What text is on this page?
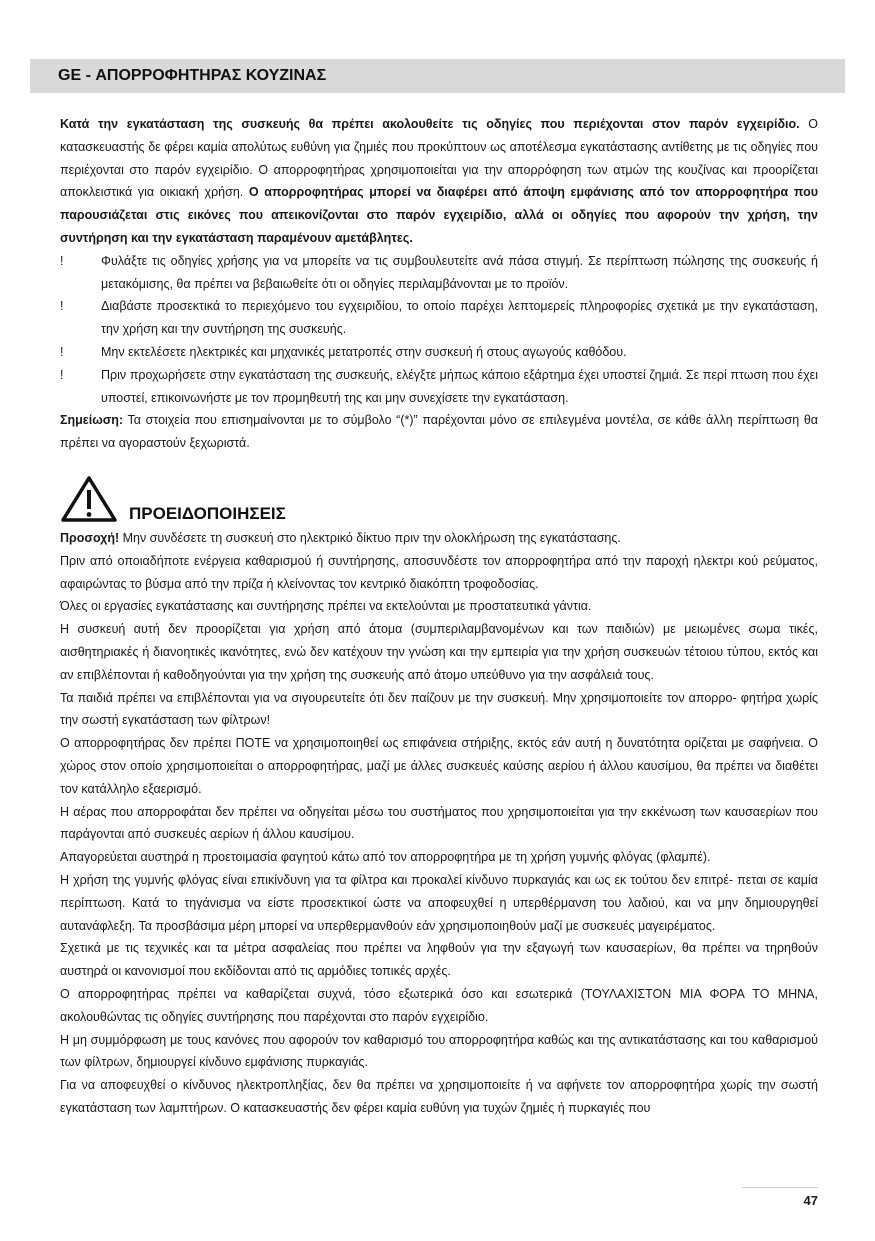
GE - ΑΠΟΡΡΟΦΗΤΗΡΑΣ ΚΟΥΖΙΝΑΣ

Κατά την εγκατάσταση της συσκευής θα πρέπει ακολουθείτε τις οδηγίες που περιέχονται στον παρόν εγχειρίδιο. Ο κατασκευαστής δε φέρει καμία απολύτως ευθύνη για ζημιές που προκύπτουν ως αποτέλεσμα εγκατάστασης αντίθετης με τις οδηγίες που περιέχονται στο παρόν εγχειρίδιο. Ο απορροφητήρας χρησιμοποιείται για την απορρόφηση των ατμών της κουζίνας και προορίζεται αποκλειστικά για οικιακή χρήση. Ο απορροφητήρας μπορεί να διαφέρει από άποψη εμφάνισης από τον απορροφητήρα που παρουσιάζεται στις εικόνες που απεικονίζονται στο παρόν εγχειρίδιο, αλλά οι οδηγίες που αφορούν την χρήση, την συντήρηση και την εγκατάσταση παραμένουν αμετάβλητες.

!	Φυλάξτε τις οδηγίες χρήσης για να μπορείτε να τις συμβουλευτείτε ανά πάσα στιγμή. Σε περίπτωση πώλησης της συσκευής ή μετακόμισης, θα πρέπει να βεβαιωθείτε ότι οι οδηγίες περιλαμβάνονται με το προϊόν.
!	Διαβάστε προσεκτικά το περιεχόμενο του εγχειριδίου, το οποίο παρέχει λεπτομερείς πληροφορίες σχετικά με την εγκατάσταση, την χρήση και την συντήρηση της συσκευής.
!	Μην εκτελέσετε ηλεκτρικές και μηχανικές μετατροπές στην συσκευή ή στους αγωγούς καθόδου.
!	Πριν προχωρήσετε στην εγκατάσταση της συσκευής, ελέγξτε μήπως κάποιο εξάρτημα έχει υποστεί ζημιά. Σε περί πτωση που έχει υποστεί, επικοινωνήστε με τον προμηθευτή της και μην συνεχίσετε την εγκατάσταση.

Σημείωση: Τα στοιχεία που επισημαίνονται με το σύμβολο “(*)” παρέχονται μόνο σε επιλεγμένα μοντέλα, σε κάθε άλλη περίπτωση θα πρέπει να αγοραστούν ξεχωριστά.

ΠΡΟΕΙΔΟΠΟΙΗΣΕΙΣ

Προσοχή! Μην συνδέσετε τη συσκευή στο ηλεκτρικό δίκτυο πριν την ολοκλήρωση της εγκατάστασης.

Πριν από οποιαδήποτε ενέργεια καθαρισμού ή συντήρησης, αποσυνδέστε τον απορροφητήρα από την παροχή ηλεκτρι κού ρεύματος, αφαιρώντας το βύσμα από την πρίζα ή κλείνοντας τον κεντρικό διακόπτη τροφοδοσίας.

Όλες οι εργασίες εγκατάστασης και συντήρησης πρέπει να εκτελούνται με προστατευτικά γάντια.

Η συσκευή αυτή δεν προορίζεται για χρήση από άτομα (συμπεριλαμβανομένων και των παιδιών) με μειωμένες σωμα τικές, αισθητηριακές ή διανοητικές ικανότητες, ενώ δεν κατέχουν την γνώση και την εμπειρία για την χρήση συσκευών τέτοιου τύπου, εκτός και αν επιβλέπονται ή καθοδηγούνται για την χρήση της συσκευής από άτομο υπεύθυνο για την ασφάλειά τους.

Τα παιδιά πρέπει να επιβλέπονται για να σιγουρευτείτε ότι δεν παίζουν με την συσκευή. Μην χρησιμοποιείτε τον απορρο- φητήρα χωρίς την σωστή εγκατάσταση των φίλτρων!

Ο απορροφητήρας δεν πρέπει ΠΟΤΕ να χρησιμοποιηθεί ως επιφάνεια στήριξης, εκτός εάν αυτή η δυνατότητα ορίζεται με σαφήνεια. Ο χώρος στον οποίο χρησιμοποιείται ο απορροφητήρας, μαζί με άλλες συσκευές καύσης αερίου ή άλλου καυσίμου, θα πρέπει να διαθέτει τον κατάλληλο εξαερισμό.

Η αέρας που απορροφάται δεν πρέπει να οδηγείται μέσω του συστήματος που χρησιμοποιείται για την εκκένωση των καυσαερίων που παράγονται από συσκευές αερίων ή άλλου καυσίμου.

Απαγορεύεται αυστηρά η προετοιμασία φαγητού κάτω από τον απορροφητήρα με τη χρήση γυμνής φλόγας (φλαμπέ).

Η χρήση της γυμνής φλόγας είναι επικίνδυνη για τα φίλτρα και προκαλεί κίνδυνο πυρκαγιάς και ως εκ τούτου δεν επιτρέ- πεται σε καμία περίπτωση. Κατά το τηγάνισμα να είστε προσεκτικοί ώστε να αποφευχθεί η υπερθέρμανση του λαδιού, και να μην δημιουργηθεί αυτανάφλεξη. Τα προσβάσιμα μέρη μπορεί να υπερθερμανθούν εάν χρησιμοποιηθούν μαζί με συσκευές μαγειρέματος.

Σχετικά με τις τεχνικές και τα μέτρα ασφαλείας που πρέπει να ληφθούν για την εξαγωγή των καυσαερίων, θα πρέπει να τηρηθούν αυστηρά οι κανονισμοί που εκδίδονται από τις αρμόδιες τοπικές αρχές.

Ο απορροφητήρας πρέπει να καθαρίζεται συχνά, τόσο εξωτερικά όσο και εσωτερικά (ΤΟΥΛΑΧΙΣΤΟΝ ΜΙΑ ΦΟΡΑ ΤΟ ΜΗΝΑ, ακολουθώντας τις οδηγίες συντήρησης που παρέχονται στο παρόν εγχειρίδιο.

Η μη συμμόρφωση με τους κανόνες που αφορούν τον καθαρισμό του απορροφητήρα καθώς και της αντικατάστασης και του καθαρισμού των φίλτρων, δημιουργεί κίνδυνο εμφάνισης πυρκαγιάς.

Για να αποφευχθεί ο κίνδυνος ηλεκτροπληξίας, δεν θα πρέπει να χρησιμοποιείτε ή να αφήνετε τον απορροφητήρα χωρίς την σωστή εγκατάσταση των λαμπτήρων. Ο κατασκευαστής δεν φέρει καμία ευθύνη για τυχών ζημιές ή πυρκαγιές που

47
